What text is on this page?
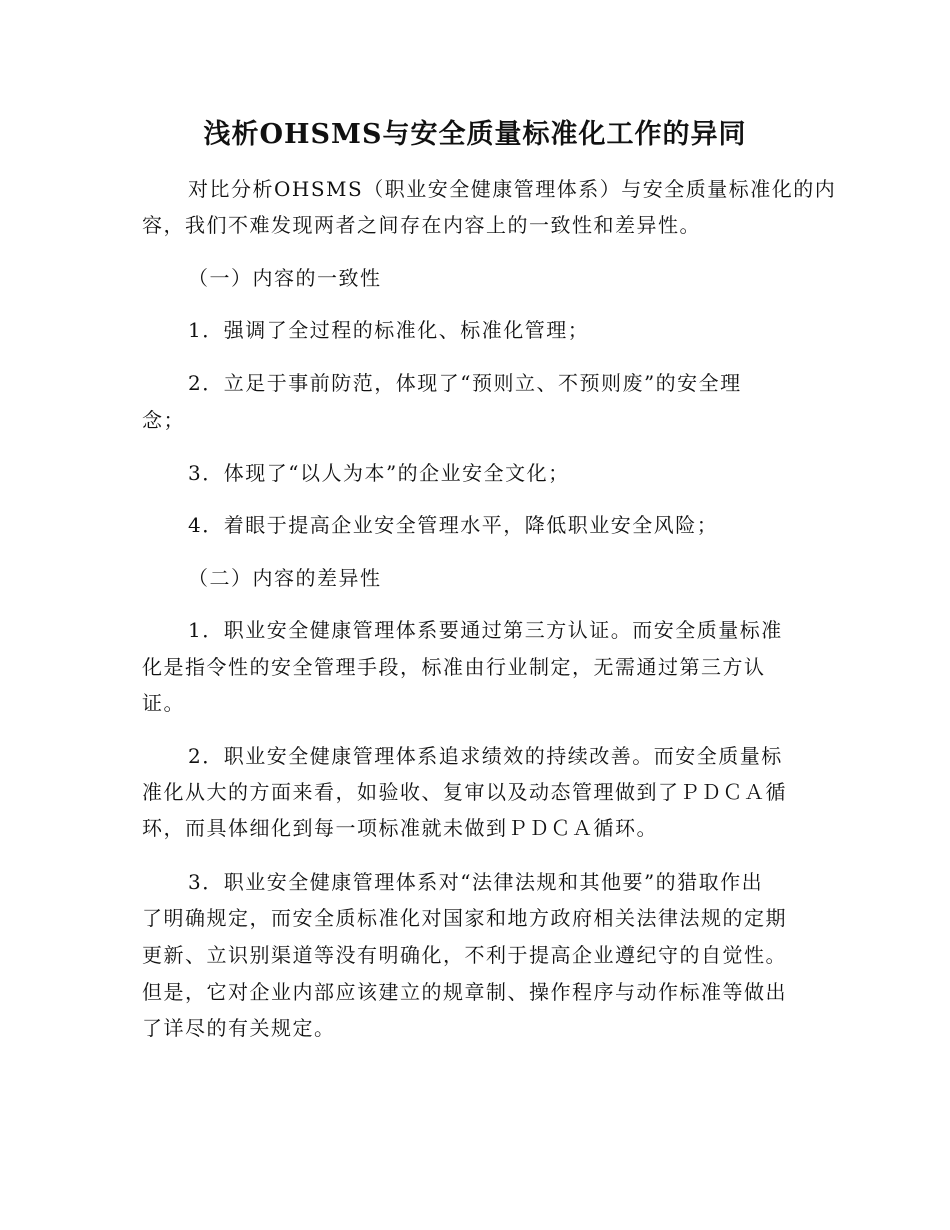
浅析OHSMS与安全质量标准化工作的异同
对比分析OHSMS（职业安全健康管理体系）与安全质量标准化的内
容，我们不难发现两者之间存在内容上的一致性和差异性。
（一）内容的一致性
1．强调了全过程的标准化、标准化管理；
2．立足于事前防范，体现了“预则立、不预则废”的安全理
念；
3．体现了“以人为本”的企业安全文化；
4．着眼于提高企业安全管理水平，降低职业安全风险；
（二）内容的差异性
1．职业安全健康管理体系要通过第三方认证。而安全质量标准
化是指令性的安全管理手段，标准由行业制定，无需通过第三方认
证。
2．职业安全健康管理体系追求绩效的持续改善。而安全质量标
准化从大的方面来看，如验收、复审以及动态管理做到了ＰＤＣＡ循
环，而具体细化到每一项标准就未做到ＰＤＣＡ循环。
3．职业安全健康管理体系对“法律法规和其他要”的猎取作出
了明确规定，而安全质标准化对国家和地方政府相关法律法规的定期
更新、立识别渠道等没有明确化，不利于提高企业遵纪守的自觉性。
但是，它对企业内部应该建立的规章制、操作程序与动作标准等做出
了详尽的有关规定。
